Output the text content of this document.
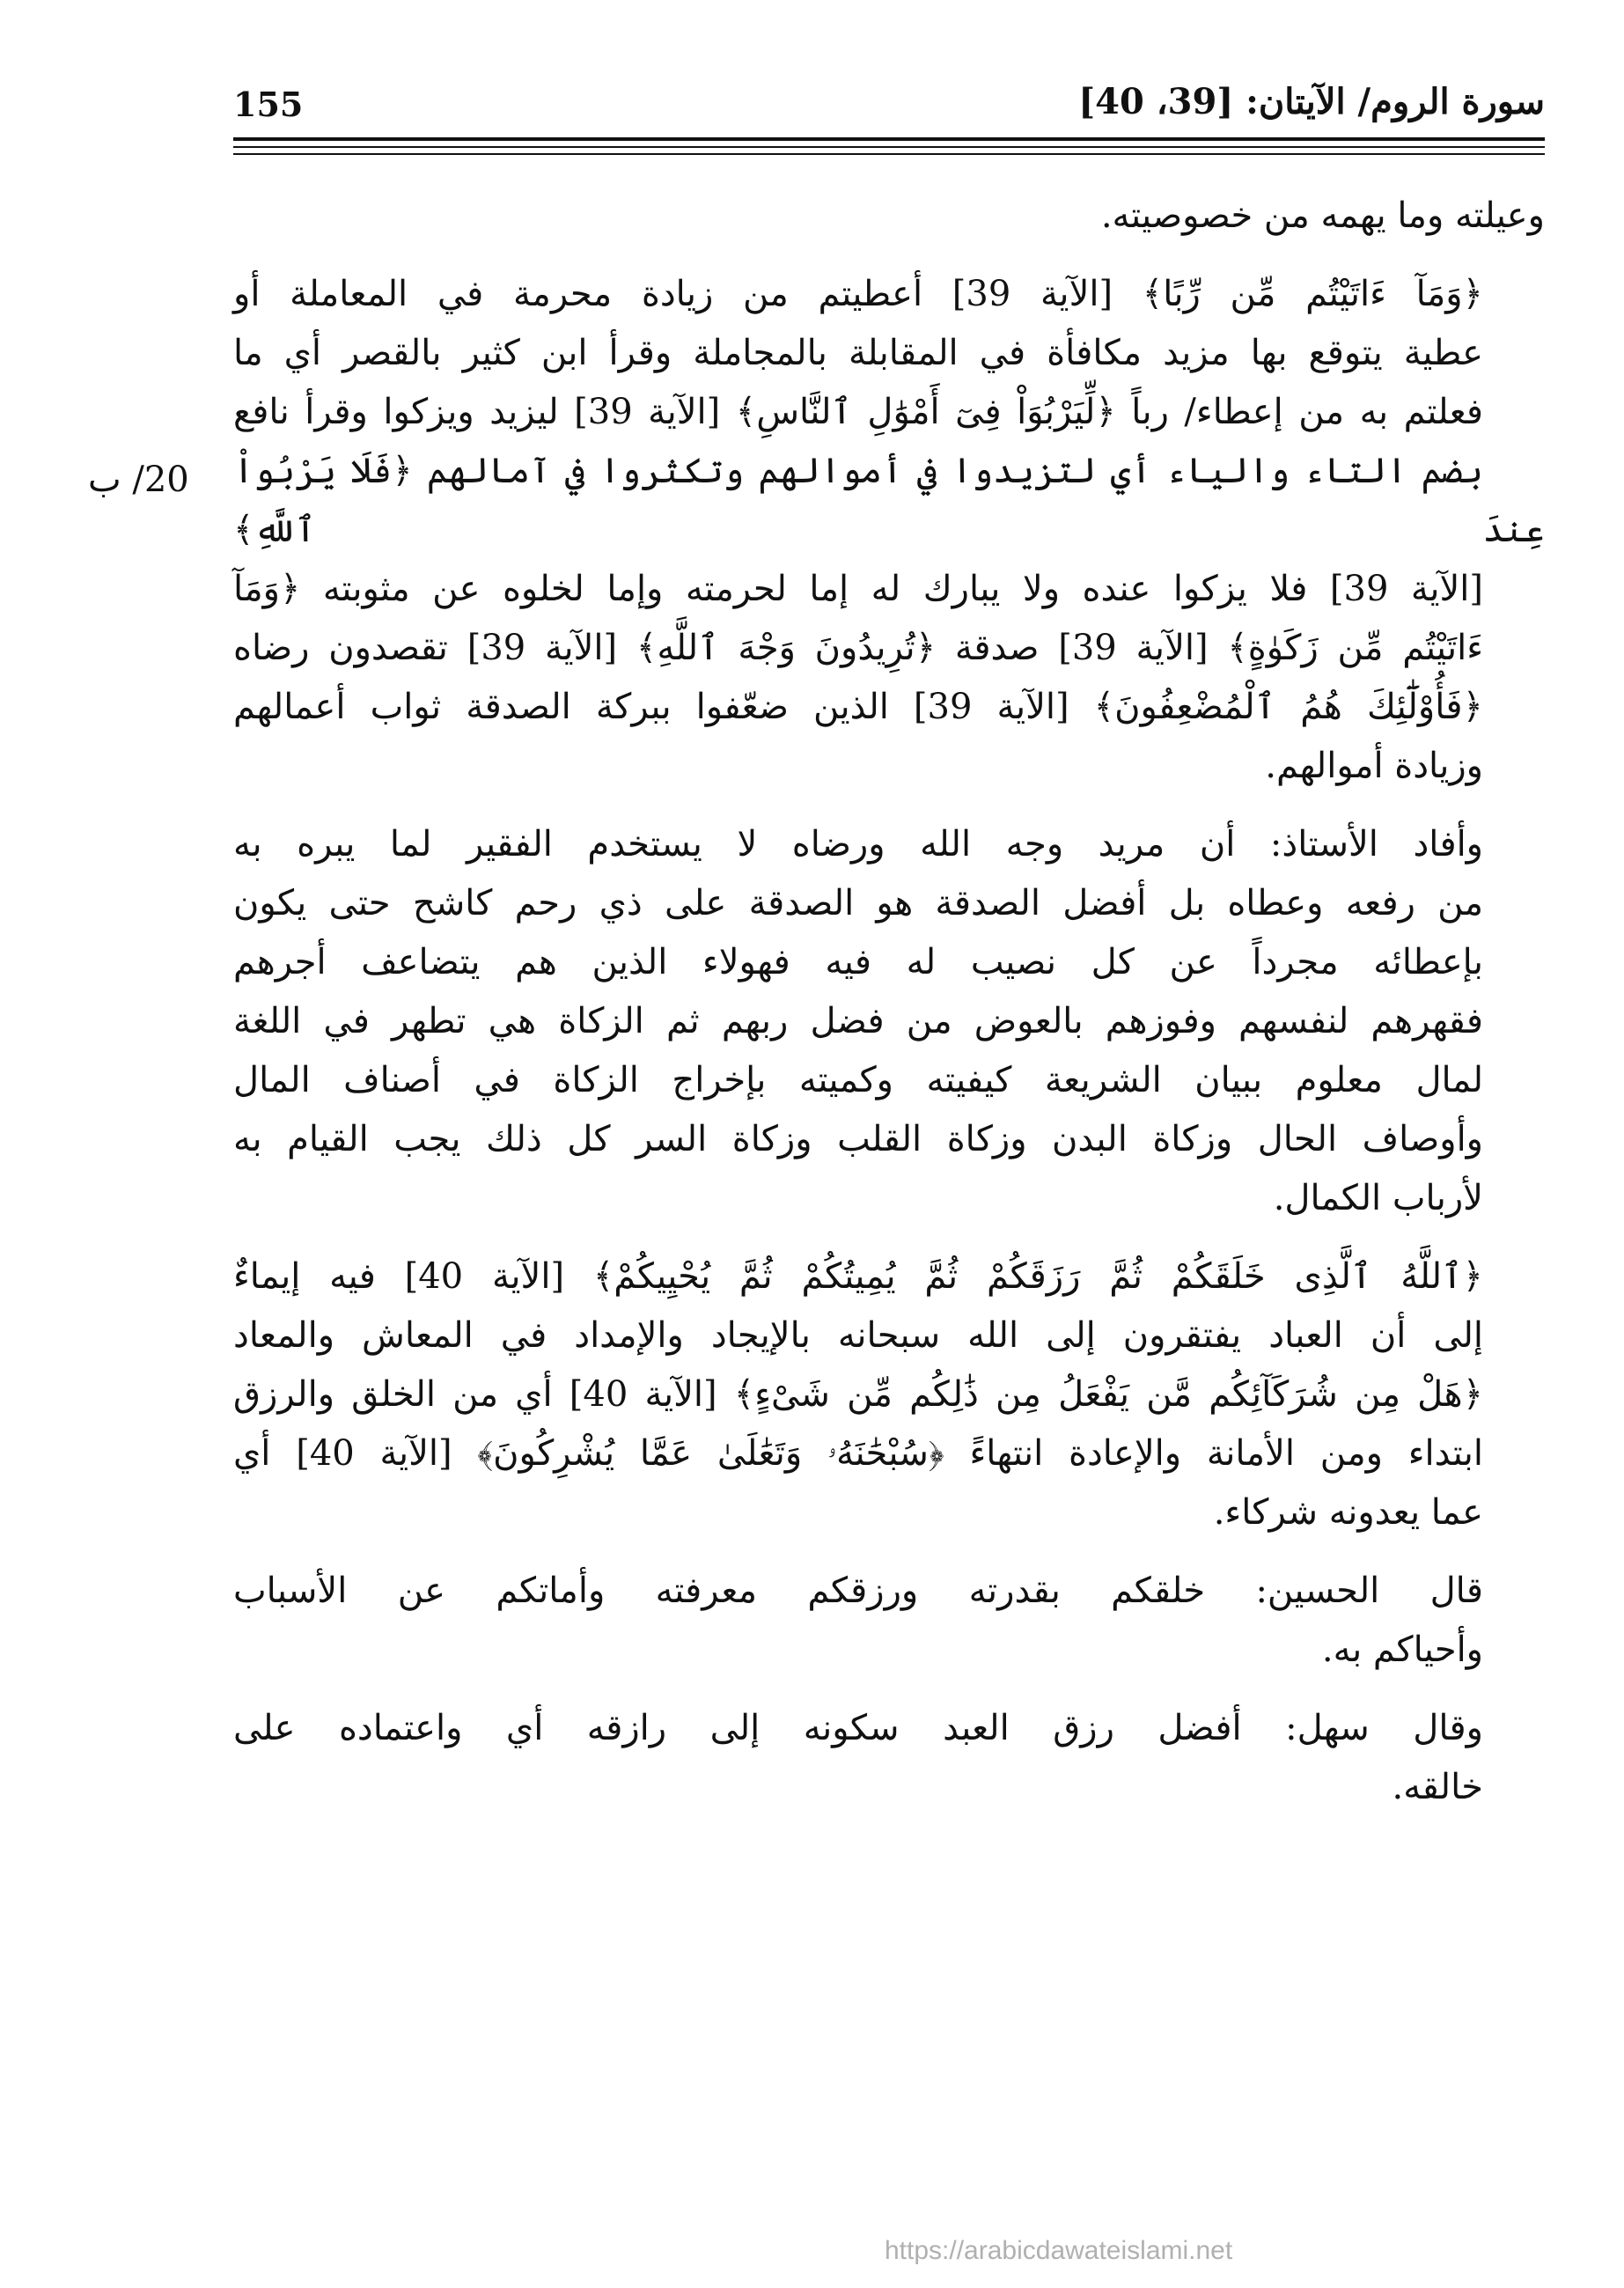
155	سورة الروم/ الآيتان: [39، 40]
20/ ب
وعيلته وما يهمه من خصوصيته.
﴿وَمَآ ءَاتَيْتُم مِّن رِّبًا﴾ [الآية 39] أعطيتم من زيادة محرمة في المعاملة أو
عطية يتوقع بها مزيد مكافأة في المقابلة بالمجاملة وقرأ ابن كثير بالقصر أي ما
فعلتم به من إعطاء/ رباً ﴿لِّيَرْبُوَاْ فِىٓ أَمْوَٰلِ ٱلنَّاسِ﴾ [الآية 39] ليزيد ويزكوا وقرأ نافع
بضم التاء والياء أي لتزيدوا في أموالهم وتكثروا في آمالهم ﴿فَلَا يَرْبُواْ عِندَ ٱللَّهِ﴾
[الآية 39] فلا يزكوا عنده ولا يبارك له إما لحرمته وإما لخلوه عن مثوبته ﴿وَمَآ
ءَاتَيْتُم مِّن زَكَوٰةٍ﴾ [الآية 39] صدقة ﴿تُرِيدُونَ وَجْهَ ٱللَّهِ﴾ [الآية 39] تقصدون رضاه
﴿فَأُوْلَٰٓئِكَ هُمُ ٱلْمُضْعِفُونَ﴾ [الآية 39] الذين ضعّفوا ببركة الصدقة ثواب أعمالهم
وزيادة أموالهم.
وأفاد الأستاذ: أن مريد وجه الله ورضاه لا يستخدم الفقير لما يبره به
من رفعه وعطاه بل أفضل الصدقة هو الصدقة على ذي رحم كاشح حتى يكون
بإعطائه مجرداً عن كل نصيب له فيه فهولاء الذين هم يتضاعف أجرهم
فقهرهم لنفسهم وفوزهم بالعوض من فضل ربهم ثم الزكاة هي تطهر في اللغة
لمال معلوم ببيان الشريعة كيفيته وكميته بإخراج الزكاة في أصناف المال
وأوصاف الحال وزكاة البدن وزكاة القلب وزكاة السر كل ذلك يجب القيام به
لأرباب الكمال.
﴿ٱللَّهُ ٱلَّذِى خَلَقَكُمْ ثُمَّ رَزَقَكُمْ ثُمَّ يُمِيتُكُمْ ثُمَّ يُحْيِيكُمْ﴾ [الآية 40] فيه إيماءٌ
إلى أن العباد يفتقرون إلى الله سبحانه بالإيجاد والإمداد في المعاش والمعاد
﴿هَلْ مِن شُرَكَآئِكُم مَّن يَفْعَلُ مِن ذَٰلِكُم مِّن شَىْءٍ﴾ [الآية 40] أي من الخلق والرزق
ابتداء ومن الأمانة والإعادة انتهاءً ﴿سُبْحَٰنَهُۥ وَتَعَٰلَىٰ عَمَّا يُشْرِكُونَ﴾ [الآية 40] أي
عما يعدونه شركاء.
قال الحسين: خلقكم بقدرته ورزقكم معرفته وأماتكم عن الأسباب
وأحياكم به.
وقال سهل: أفضل رزق العبد سكونه إلى رازقه أي واعتماده على
خالقه.
https://arabicdawateislami.net
